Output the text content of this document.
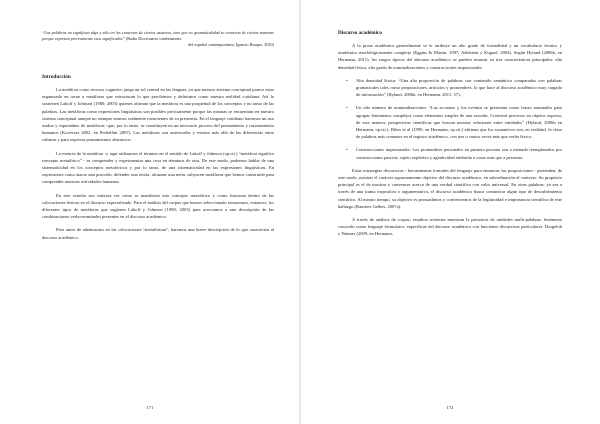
“Las palabras no significan algo y sólo en los contextos de ciertos usuarios, sino que en gramaticalidad se conectan de ciertas maneras porque expresan precisamente esos significados” (Radio Diccionario combinatorio
del español contemporáneo, Ignacio Bosque, 2010)
Introducción

La metáfora como recurso cognitivo juega un rol central en las lenguas, ya que nuestro sistema conceptual parece estar organizado en torno a metáforas que estructuran lo que percibimos y definimos como nuestra realidad cotidiana. Así lo sostienen Lakoff y Johnson (1980; 2003) quienes afirman que la metáfora es una propiedad de los conceptos y no tanto de las palabras. Las metáforas como expresiones lingüísticas son posibles precisamente porque las mismas se encuentran en nuestro sistema conceptual aunque no siempre seamos realmente conscientes de su presencia. En el lenguaje cotidiano hacemos un uso asiduo y espontáneo de metáforas -que, por lo tanto, se constituyen en un necesario proceso del pensamiento y razonamiento humanos (Kovecses 2002, en Perbellini 2007). Las metáforas son universales y existen más allá de las diferencias entre culturas y para expresar pensamientos abstractos.

La esencia de la metáfora -y aquí utilizamos el término en el sentido de Lakoff y Johnson (op.cit.) “metáfora significa concepto metafórico” - es comprender y experimentar una cosa en términos de otra. De este modo, podemos hablar de una sistematicidad en los conceptos metafóricos y por lo tanto, de una sistematicidad en las expresiones lingüísticas. En expresiones como atacar una posición, defender una teoría, alcanzar una meta, subyacen metáforas que hemos construido para comprender nuestras actividades humanas.

En este estudio nos interesa ver cómo se manifiesta este concepto metafórico y cómo funciona dentro de las colocaciones léxicas en el discurso especializado. Para el análisis del corpus que hemos seleccionado tomaremos, entonces, los diferentes tipos de metáforas que sugieren Lakoff y Johnson (1980; 2003) para acercarnos a una descripción de las combinaciones verbo-nominales presentes en el discurso académico.

Pero antes de adentrarnos en las colocaciones “metafóricas”, haremos una breve descripción de lo que caracteriza al discurso académico.

171
Discurso académico

A la prosa académica generalmente se le atribuye un alto grado de formalidad y un vocabulario técnico y académico morfológicamente complejo (Eggins & Martin, 1997; Adelstein y Kuguel, 2004). Según Hyland (2006b, en Hermann, 2011), los rasgos típicos del discurso académico se pueden resumir en tres características principales: alta densidad léxica, alto grado de nominalizaciones y construcciones impersonales.

• Alta densidad léxica: “Una alta proporción de palabras con contenido semántico comparadas con palabras gramaticales tales como proposiciones, artículos y pronombres, lo que hace al discurso académico muy cargado de información” (Hyland, 2006b, en Hermann, 2011: 57).
• Un alto número de nominalizaciones: “Las acciones y los eventos se presentan como frases nominales para agrupar fenómenos complejos como elementos simples de una oración. Convertir procesos en objetos expresa, de esta manera, perspectivas científicas que buscan mostrar relaciones entre entidades” (Hyland, 2006b en Hermann, op.cit.). Biber et al (1999, en Hermann, op.cit.) afirman que los sustantivos son, en realidad, la clase de palabras más comunes en el registro académico, con tres o cuatro veces más que verbo léxico.
• Construcciones impersonales: Los pronombres personales en primera persona son a menudo reemplazados por construcciones pasivas, sujeto expletivo y agentividad atribuida a cosas más que a personas.

Estas estrategias discursivas - herramientas formales del lenguaje para enmarcar las proposiciones - pretenden, de este modo, mostrar el carácter supuestamente objetivo del discurso académico, en subordinación al contexto. Su propósito principal es el de mostrar y convencer acerca de una verdad científica con valor universal. En otras palabras, ya sea a través de una trama expositiva o argumentativa, el discurso académico busca comunicar algún tipo de descubrimiento científico. Al mismo tiempo, su objetivo es persuadimos y convencernos de la legitimidad e importancia científica de este hallazgo (Ramírez Gelbes, 2007a).

A través de análisis de corpus, estudios recientes muestran la presencia de unidades multi-palabras, fenómeno conocido como lenguaje formulaico, específicas del discurso académico con funciones discursivas particulares. Dorgeloh y Wanner (2009, en Hermann,

172
